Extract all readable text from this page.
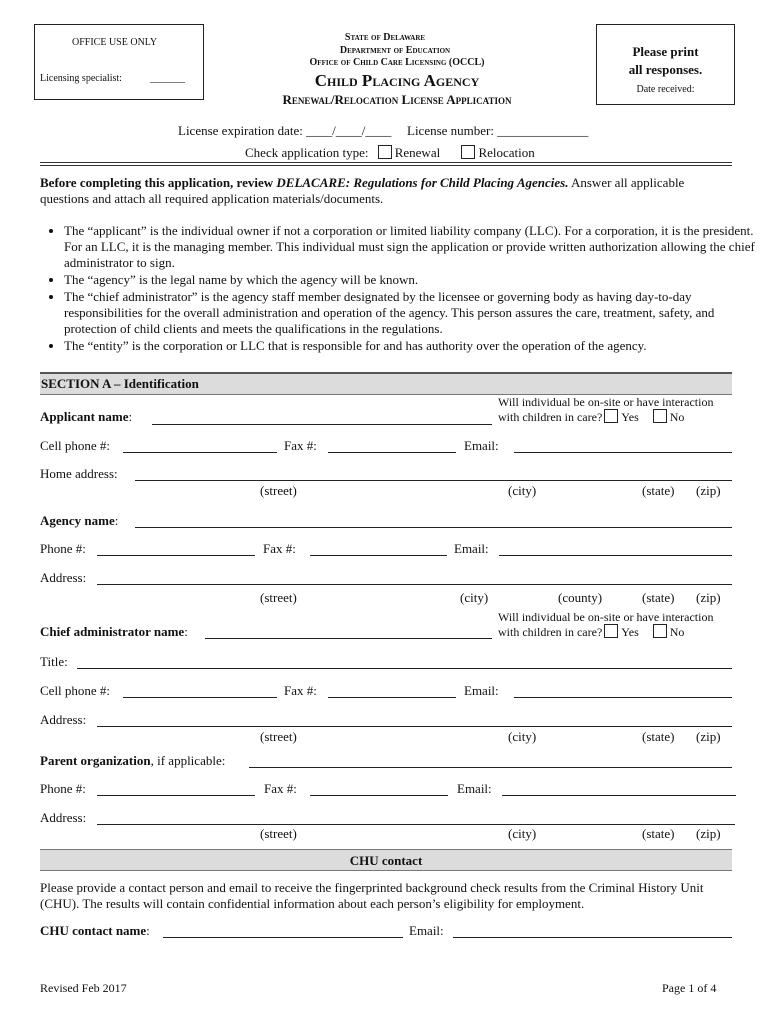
OFFICE USE ONLY
Licensing specialist:	_______
State of Delaware
Department of Education
Office of Child Care Licensing (OCCL)
Child Placing Agency
Renewal/Relocation License Application
Please print
all responses.
Date received:
License expiration date: ____/____/____ License number: ______________
Check application type: Renewal	Relocation
Before completing this application, review DELACARE: Regulations for Child Placing Agencies. Answer all applicable questions and attach all required application materials/documents.
• The “applicant” is the individual owner if not a corporation or limited liability company (LLC). For a corporation, it is the president. For an LLC, it is the managing member. This individual must sign the application or provide written authorization allowing the chief administrator to sign.
• The “agency” is the legal name by which the agency will be known.
• The “chief administrator” is the agency staff member designated by the licensee or governing body as having day-to-day responsibilities for the overall administration and operation of the agency. This person assures the care, treatment, safety, and protection of child clients and meets the qualifications in the regulations.
• The “entity” is the corporation or LLC that is responsible for and has authority over the operation of the agency.
SECTION A – Identification
Will individual be on-site or have interaction
with children in care? Yes	No
Applicant name:
Cell phone #:	Fax #:	Email:
Home address:
(street)	(city)	(state) (zip)
Agency name:
Phone #:	Fax #:	Email:
Address:
(street)	(city)	(county)	(state) (zip)
Will individual be on-site or have interaction
with children in care? Yes	No
Chief administrator name:
Title:
Cell phone #:	Fax #:	Email:
Address:
(street)	(city)	(state) (zip)
Parent organization, if applicable:
Phone #:	Fax #:	Email:
Address:
(street)	(city)	(state) (zip)
CHU contact
Please provide a contact person and email to receive the fingerprinted background check results from the Criminal History Unit (CHU). The results will contain confidential information about each person’s eligibility for employment.
CHU contact name:	Email:
Revised Feb 2017	Page 1 of 4
